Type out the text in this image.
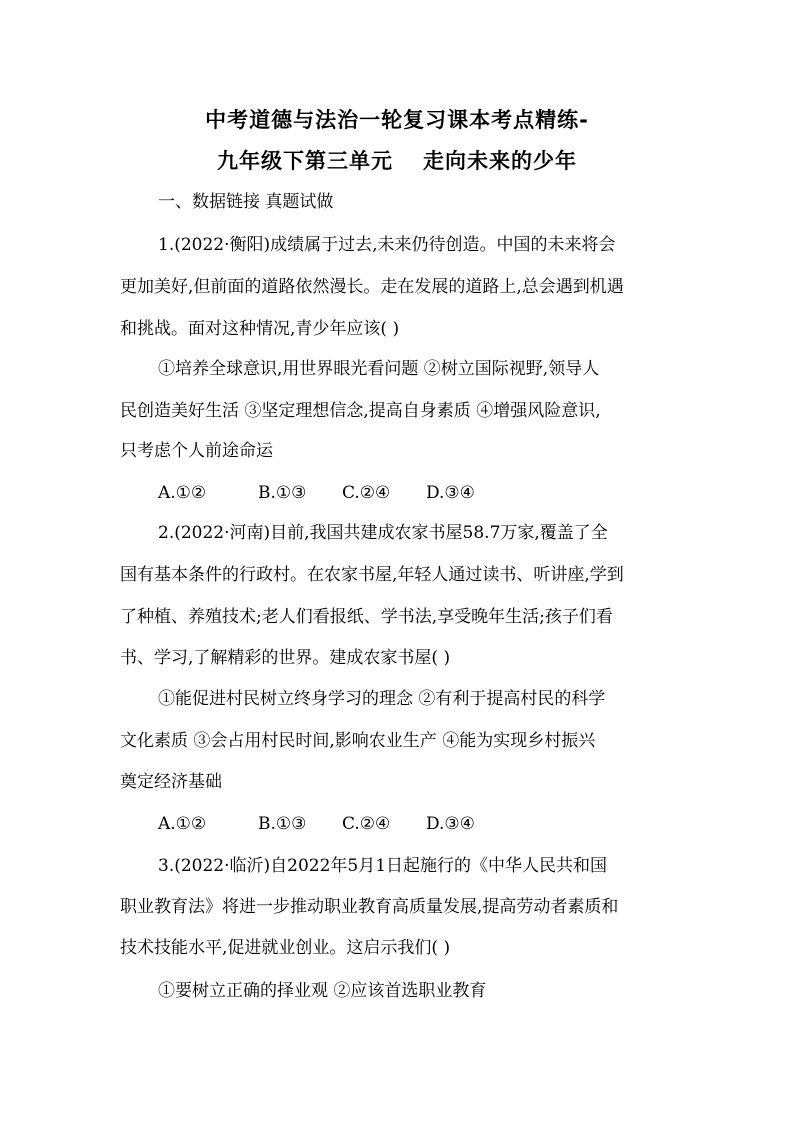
中考道德与法治一轮复习课本考点精练-
九年级下第三单元 走向未来的少年
一、数据链接 真题试做
1.(2022·衡阳)成绩属于过去,未来仍待创造。中国的未来将会
更加美好,但前面的道路依然漫长。走在发展的道路上,总会遇到机遇
和挑战。面对这种情况,青少年应该( )
①培养全球意识,用世界眼光看问题 ②树立国际视野,领导人
民创造美好生活 ③坚定理想信念,提高自身素质 ④增强风险意识,
只考虑个人前途命运
A.①②	B.①③ C.②④ D.③④
2.(2022·河南)目前,我国共建成农家书屋58.7万家,覆盖了全
国有基本条件的行政村。在农家书屋,年轻人通过读书、听讲座,学到
了种植、养殖技术;老人们看报纸、学书法,享受晚年生活;孩子们看
书、学习,了解精彩的世界。建成农家书屋( )
①能促进村民树立终身学习的理念 ②有利于提高村民的科学
文化素质 ③会占用村民时间,影响农业生产 ④能为实现乡村振兴
奠定经济基础
A.①②	B.①③ C.②④ D.③④
3.(2022·临沂)自2022年5月1日起施行的《中华人民共和国
职业教育法》将进一步推动职业教育高质量发展,提高劳动者素质和
技术技能水平,促进就业创业。这启示我们( )
①要树立正确的择业观 ②应该首选职业教育
